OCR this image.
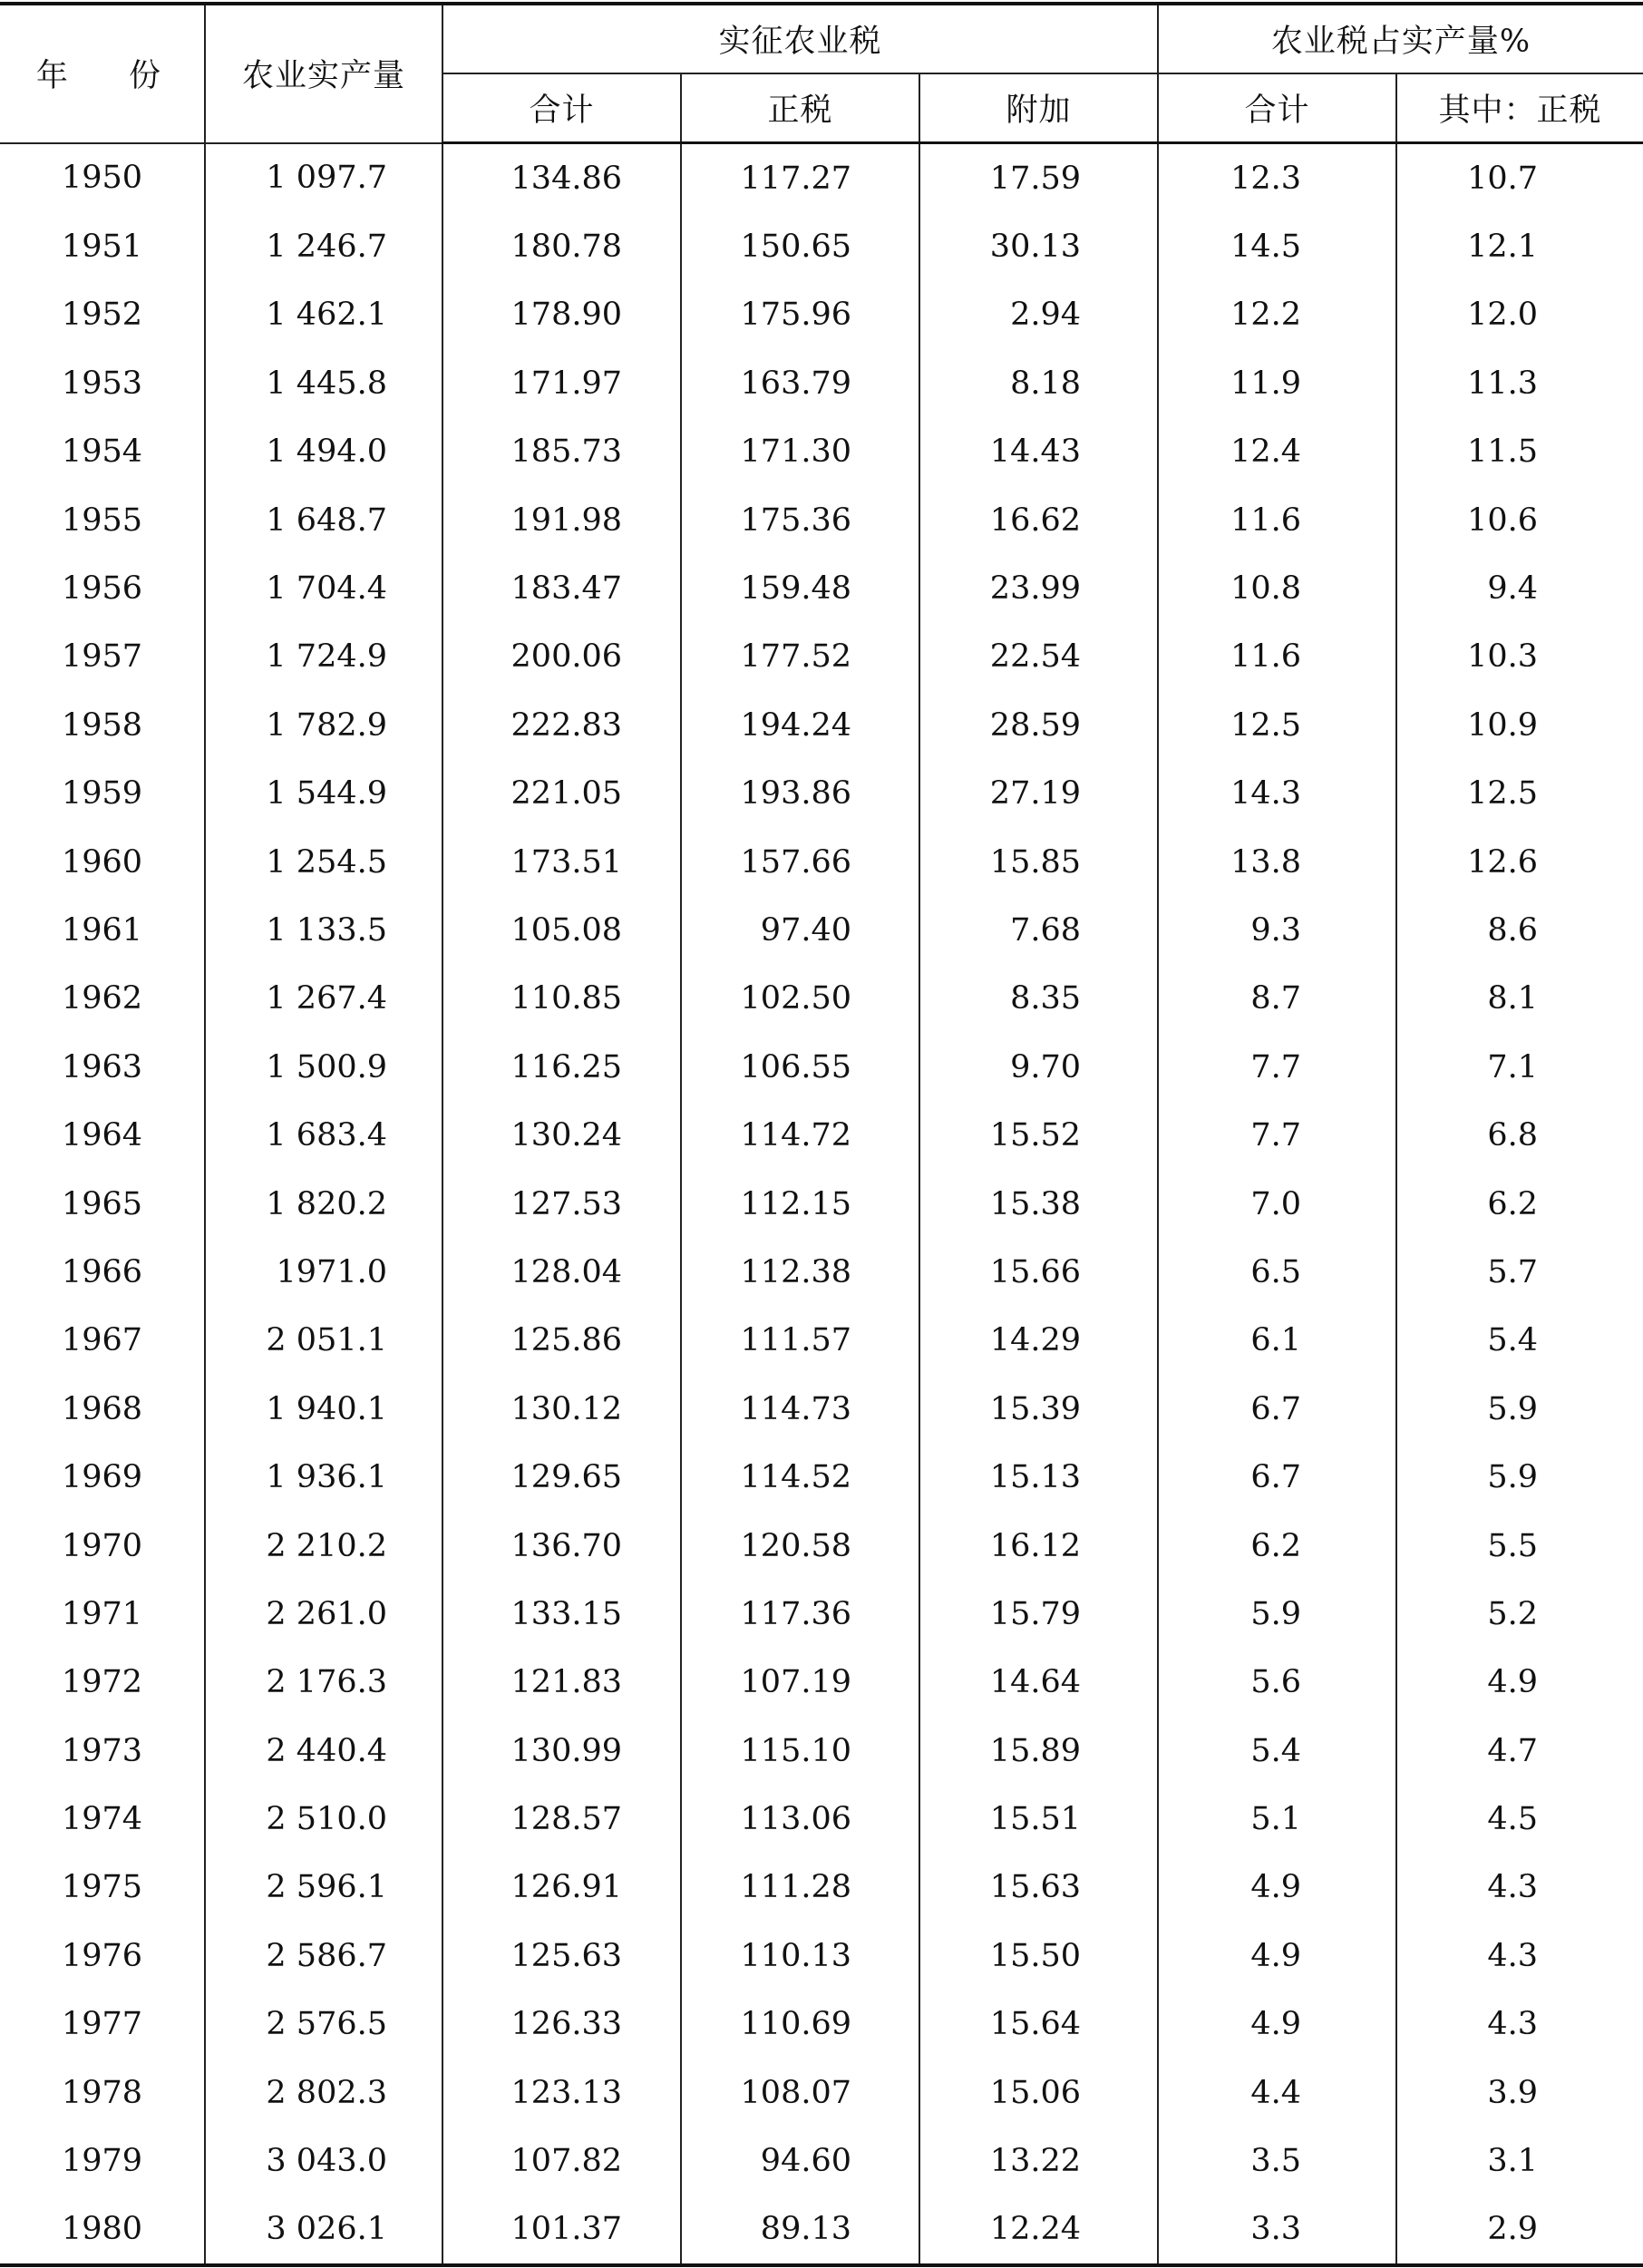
年 份	农业实产量	实征农业税			农业税占实产量%	
		合计	正税	附加	合计	其中：正税
1950	1 097.7	134.86	117.27	17.59	12.3	10.7
1951	1 246.7	180.78	150.65	30.13	14.5	12.1
1952	1 462.1	178.90	175.96	2.94	12.2	12.0
1953	1 445.8	171.97	163.79	8.18	11.9	11.3
1954	1 494.0	185.73	171.30	14.43	12.4	11.5
1955	1 648.7	191.98	175.36	16.62	11.6	10.6
1956	1 704.4	183.47	159.48	23.99	10.8	9.4
1957	1 724.9	200.06	177.52	22.54	11.6	10.3
1958	1 782.9	222.83	194.24	28.59	12.5	10.9
1959	1 544.9	221.05	193.86	27.19	14.3	12.5
1960	1 254.5	173.51	157.66	15.85	13.8	12.6
1961	1 133.5	105.08	97.40	7.68	9.3	8.6
1962	1 267.4	110.85	102.50	8.35	8.7	8.1
1963	1 500.9	116.25	106.55	9.70	7.7	7.1
1964	1 683.4	130.24	114.72	15.52	7.7	6.8
1965	1 820.2	127.53	112.15	15.38	7.0	6.2
1966	1971.0	128.04	112.38	15.66	6.5	5.7
1967	2 051.1	125.86	111.57	14.29	6.1	5.4
1968	1 940.1	130.12	114.73	15.39	6.7	5.9
1969	1 936.1	129.65	114.52	15.13	6.7	5.9
1970	2 210.2	136.70	120.58	16.12	6.2	5.5
1971	2 261.0	133.15	117.36	15.79	5.9	5.2
1972	2 176.3	121.83	107.19	14.64	5.6	4.9
1973	2 440.4	130.99	115.10	15.89	5.4	4.7
1974	2 510.0	128.57	113.06	15.51	5.1	4.5
1975	2 596.1	126.91	111.28	15.63	4.9	4.3
1976	2 586.7	125.63	110.13	15.50	4.9	4.3
1977	2 576.5	126.33	110.69	15.64	4.9	4.3
1978	2 802.3	123.13	108.07	15.06	4.4	3.9
1979	3 043.0	107.82	94.60	13.22	3.5	3.1
1980	3 026.1	101.37	89.13	12.24	3.3	2.9
